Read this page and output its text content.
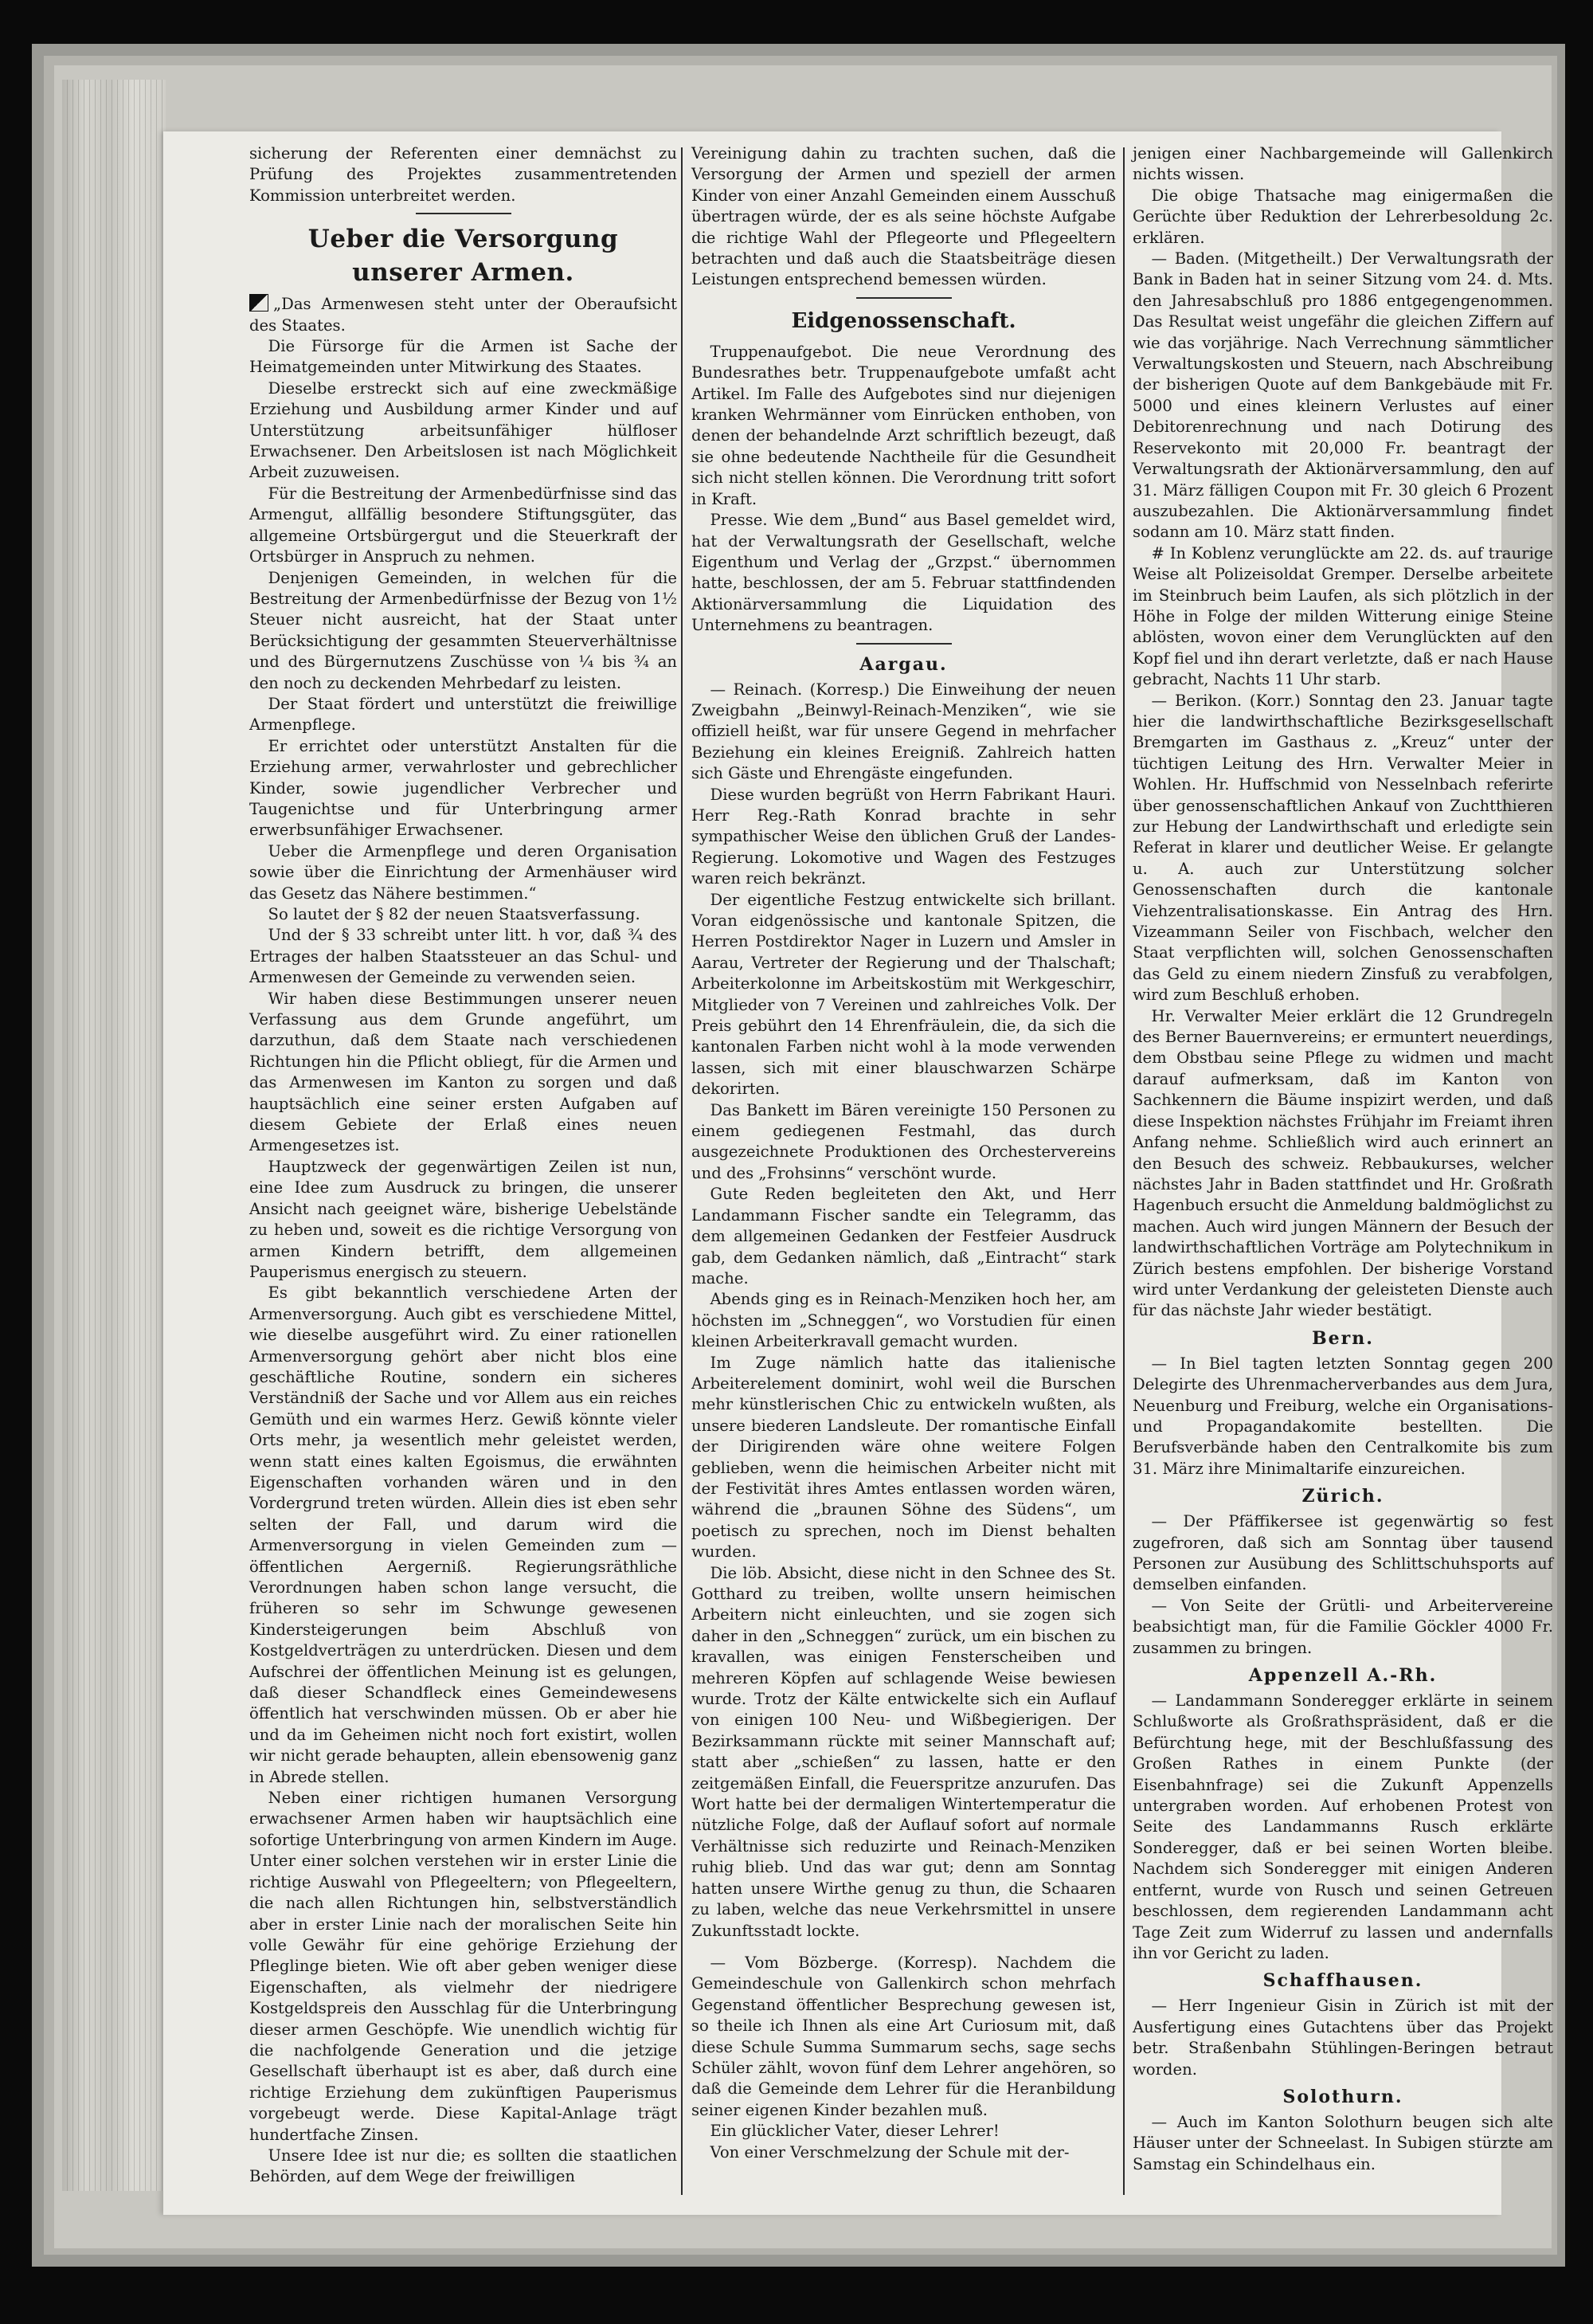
sicherung der Referenten einer demnächst zu Prüfung des Projektes zusammentretenden Kommission unterbreitet werden.

Ueber die Versorgung unserer Armen.

„Das Armenwesen steht unter der Oberaufsicht des Staates.

Die Fürsorge für die Armen ist Sache der Heimatgemeinden unter Mitwirkung des Staates.

Dieselbe erstreckt sich auf eine zweckmäßige Erziehung und Ausbildung armer Kinder und auf Unterstützung arbeitsunfähiger hülfloser Erwachsener. Den Arbeitslosen ist nach Möglichkeit Arbeit zuzuweisen.

Für die Bestreitung der Armenbedürfnisse sind das Armengut, allfällig besondere Stiftungsgüter, das allgemeine Ortsbürgergut und die Steuerkraft der Ortsbürger in Anspruch zu nehmen.

Denjenigen Gemeinden, in welchen für die Bestreitung der Armenbedürfnisse der Bezug von 1½ Steuer nicht ausreicht, hat der Staat unter Berücksichtigung der gesammten Steuerverhältnisse und des Bürgernutzens Zuschüsse von ¼ bis ¾ an den noch zu deckenden Mehrbedarf zu leisten.

Der Staat fördert und unterstützt die freiwillige Armenpflege.

Er errichtet oder unterstützt Anstalten für die Erziehung armer, verwahrloster und gebrechlicher Kinder, sowie jugendlicher Verbrecher und Taugenichtse und für Unterbringung armer erwerbsunfähiger Erwachsener.

Ueber die Armenpflege und deren Organisation sowie über die Einrichtung der Armenhäuser wird das Gesetz das Nähere bestimmen.“

So lautet der § 82 der neuen Staatsverfassung.

Und der § 33 schreibt unter litt. h vor, daß ¾ des Ertrages der halben Staatssteuer an das Schul- und Armenwesen der Gemeinde zu verwenden seien.

Wir haben diese Bestimmungen unserer neuen Verfassung aus dem Grunde angeführt, um darzuthun, daß dem Staate nach verschiedenen Richtungen hin die Pflicht obliegt, für die Armen und das Armenwesen im Kanton zu sorgen und daß hauptsächlich eine seiner ersten Aufgaben auf diesem Gebiete der Erlaß eines neuen Armengesetzes ist.

Hauptzweck der gegenwärtigen Zeilen ist nun, eine Idee zum Ausdruck zu bringen, die unserer Ansicht nach geeignet wäre, bisherige Uebelstände zu heben und, soweit es die richtige Versorgung von armen Kindern betrifft, dem allgemeinen Pauperismus energisch zu steuern.

Es gibt bekanntlich verschiedene Arten der Armenversorgung. Auch gibt es verschiedene Mittel, wie dieselbe ausgeführt wird. Zu einer rationellen Armenversorgung gehört aber nicht blos eine geschäftliche Routine, sondern ein sicheres Verständniß der Sache und vor Allem aus ein reiches Gemüth und ein warmes Herz. Gewiß könnte vieler Orts mehr, ja wesentlich mehr geleistet werden, wenn statt eines kalten Egoismus, die erwähnten Eigenschaften vorhanden wären und in den Vordergrund treten würden. Allein dies ist eben sehr selten der Fall, und darum wird die Armenversorgung in vielen Gemeinden zum — öffentlichen Aergerniß. Regierungsräthliche Verordnungen haben schon lange versucht, die früheren so sehr im Schwunge gewesenen Kindersteigerungen beim Abschluß von Kostgeldverträgen zu unterdrücken. Diesen und dem Aufschrei der öffentlichen Meinung ist es gelungen, daß dieser Schandfleck eines Gemeindewesens öffentlich hat verschwinden müssen. Ob er aber hie und da im Geheimen nicht noch fort existirt, wollen wir nicht gerade behaupten, allein ebensowenig ganz in Abrede stellen.

Neben einer richtigen humanen Versorgung erwachsener Armen haben wir hauptsächlich eine sofortige Unterbringung von armen Kindern im Auge. Unter einer solchen verstehen wir in erster Linie die richtige Auswahl von Pflegeeltern; von Pflegeeltern, die nach allen Richtungen hin, selbstverständlich aber in erster Linie nach der moralischen Seite hin volle Gewähr für eine gehörige Erziehung der Pfleglinge bieten. Wie oft aber geben weniger diese Eigenschaften, als vielmehr der niedrigere Kostgeldspreis den Ausschlag für die Unterbringung dieser armen Geschöpfe. Wie unendlich wichtig für die nachfolgende Generation und die jetzige Gesellschaft überhaupt ist es aber, daß durch eine richtige Erziehung dem zukünftigen Pauperismus vorgebeugt werde. Diese Kapital-Anlage trägt hundertfache Zinsen.

Unsere Idee ist nur die; es sollten die staatlichen Behörden, auf dem Wege der freiwilligen

Vereinigung dahin zu trachten suchen, daß die Versorgung der Armen und speziell der armen Kinder von einer Anzahl Gemeinden einem Ausschuß übertragen würde, der es als seine höchste Aufgabe die richtige Wahl der Pflegeorte und Pflegeeltern betrachten und daß auch die Staatsbeiträge diesen Leistungen entsprechend bemessen würden.

Eidgenossenschaft.

Truppenaufgebot. Die neue Verordnung des Bundesrathes betr. Truppenaufgebote umfaßt acht Artikel. Im Falle des Aufgebotes sind nur diejenigen kranken Wehrmänner vom Einrücken enthoben, von denen der behandelnde Arzt schriftlich bezeugt, daß sie ohne bedeutende Nachtheile für die Gesundheit sich nicht stellen können. Die Verordnung tritt sofort in Kraft.

Presse. Wie dem „Bund“ aus Basel gemeldet wird, hat der Verwaltungsrath der Gesellschaft, welche Eigenthum und Verlag der „Grzpst.“ übernommen hatte, beschlossen, der am 5. Februar stattfindenden Aktionärversammlung die Liquidation des Unternehmens zu beantragen.

Aargau.

— Reinach. (Korresp.) Die Einweihung der neuen Zweigbahn „Beinwyl-Reinach-Menziken“, wie sie offiziell heißt, war für unsere Gegend in mehrfacher Beziehung ein kleines Ereigniß. Zahlreich hatten sich Gäste und Ehrengäste eingefunden.

Diese wurden begrüßt von Herrn Fabrikant Hauri. Herr Reg.-Rath Konrad brachte in sehr sympathischer Weise den üblichen Gruß der Landes-Regierung. Lokomotive und Wagen des Festzuges waren reich bekränzt.

Der eigentliche Festzug entwickelte sich brillant. Voran eidgenössische und kantonale Spitzen, die Herren Postdirektor Nager in Luzern und Amsler in Aarau, Vertreter der Regierung und der Thalschaft; Arbeiterkolonne im Arbeitskostüm mit Werkgeschirr, Mitglieder von 7 Vereinen und zahlreiches Volk. Der Preis gebührt den 14 Ehrenfräulein, die, da sich die kantonalen Farben nicht wohl à la mode verwenden lassen, sich mit einer blauschwarzen Schärpe dekorirten.

Das Bankett im Bären vereinigte 150 Personen zu einem gediegenen Festmahl, das durch ausgezeichnete Produktionen des Orchestervereins und des „Frohsinns“ verschönt wurde.

Gute Reden begleiteten den Akt, und Herr Landammann Fischer sandte ein Telegramm, das dem allgemeinen Gedanken der Festfeier Ausdruck gab, dem Gedanken nämlich, daß „Eintracht“ stark mache.

Abends ging es in Reinach-Menziken hoch her, am höchsten im „Schneggen“, wo Vorstudien für einen kleinen Arbeiterkravall gemacht wurden.

Im Zuge nämlich hatte das italienische Arbeiterelement dominirt, wohl weil die Burschen mehr künstlerischen Chic zu entwickeln wußten, als unsere biederen Landsleute. Der romantische Einfall der Dirigirenden wäre ohne weitere Folgen geblieben, wenn die heimischen Arbeiter nicht mit der Festivität ihres Amtes entlassen worden wären, während die „braunen Söhne des Südens“, um poetisch zu sprechen, noch im Dienst behalten wurden.

Die löb. Absicht, diese nicht in den Schnee des St. Gotthard zu treiben, wollte unsern heimischen Arbeitern nicht einleuchten, und sie zogen sich daher in den „Schneggen“ zurück, um ein bischen zu kravallen, was einigen Fensterscheiben und mehreren Köpfen auf schlagende Weise bewiesen wurde. Trotz der Kälte entwickelte sich ein Auflauf von einigen 100 Neu- und Wißbegierigen. Der Bezirksammann rückte mit seiner Mannschaft auf; statt aber „schießen“ zu lassen, hatte er den zeitgemäßen Einfall, die Feuerspritze anzurufen. Das Wort hatte bei der dermaligen Wintertemperatur die nützliche Folge, daß der Auflauf sofort auf normale Verhältnisse sich reduzirte und Reinach-Menziken ruhig blieb. Und das war gut; denn am Sonntag hatten unsere Wirthe genug zu thun, die Schaaren zu laben, welche das neue Verkehrsmittel in unsere Zukunftsstadt lockte.

— Vom Bözberge. (Korresp). Nachdem die Gemeindeschule von Gallenkirch schon mehrfach Gegenstand öffentlicher Besprechung gewesen ist, so theile ich Ihnen als eine Art Curiosum mit, daß diese Schule Summa Summarum sechs, sage sechs Schüler zählt, wovon fünf dem Lehrer angehören, so daß die Gemeinde dem Lehrer für die Heranbildung seiner eigenen Kinder bezahlen muß.

Ein glücklicher Vater, dieser Lehrer!

Von einer Verschmelzung der Schule mit der-

jenigen einer Nachbargemeinde will Gallenkirch nichts wissen.

Die obige Thatsache mag einigermaßen die Gerüchte über Reduktion der Lehrerbesoldung 2c. erklären.

— Baden. (Mitgetheilt.) Der Verwaltungsrath der Bank in Baden hat in seiner Sitzung vom 24. d. Mts. den Jahresabschluß pro 1886 entgegengenommen. Das Resultat weist ungefähr die gleichen Ziffern auf wie das vorjährige. Nach Verrechnung sämmtlicher Verwaltungskosten und Steuern, nach Abschreibung der bisherigen Quote auf dem Bankgebäude mit Fr. 5000 und eines kleinern Verlustes auf einer Debitorenrechnung und nach Dotirung des Reservekonto mit 20,000 Fr. beantragt der Verwaltungsrath der Aktionärversammlung, den auf 31. März fälligen Coupon mit Fr. 30 gleich 6 Prozent auszubezahlen. Die Aktionärversammlung findet sodann am 10. März statt finden.

# In Koblenz verunglückte am 22. ds. auf traurige Weise alt Polizeisoldat Gremper. Derselbe arbeitete im Steinbruch beim Laufen, als sich plötzlich in der Höhe in Folge der milden Witterung einige Steine ablösten, wovon einer dem Verunglückten auf den Kopf fiel und ihn derart verletzte, daß er nach Hause gebracht, Nachts 11 Uhr starb.

— Berikon. (Korr.) Sonntag den 23. Januar tagte hier die landwirthschaftliche Bezirksgesellschaft Bremgarten im Gasthaus z. „Kreuz“ unter der tüchtigen Leitung des Hrn. Verwalter Meier in Wohlen. Hr. Huffschmid von Nesselnbach referirte über genossenschaftlichen Ankauf von Zuchtthieren zur Hebung der Landwirthschaft und erledigte sein Referat in klarer und deutlicher Weise. Er gelangte u. A. auch zur Unterstützung solcher Genossenschaften durch die kantonale Viehzentralisationskasse. Ein Antrag des Hrn. Vizeammann Seiler von Fischbach, welcher den Staat verpflichten will, solchen Genossenschaften das Geld zu einem niedern Zinsfuß zu verabfolgen, wird zum Beschluß erhoben.

Hr. Verwalter Meier erklärt die 12 Grundregeln des Berner Bauernvereins; er ermuntert neuerdings, dem Obstbau seine Pflege zu widmen und macht darauf aufmerksam, daß im Kanton von Sachkennern die Bäume inspizirt werden, und daß diese Inspektion nächstes Frühjahr im Freiamt ihren Anfang nehme. Schließlich wird auch erinnert an den Besuch des schweiz. Rebbaukurses, welcher nächstes Jahr in Baden stattfindet und Hr. Großrath Hagenbuch ersucht die Anmeldung baldmöglichst zu machen. Auch wird jungen Männern der Besuch der landwirthschaftlichen Vorträge am Polytechnikum in Zürich bestens empfohlen. Der bisherige Vorstand wird unter Verdankung der geleisteten Dienste auch für das nächste Jahr wieder bestätigt.

Bern.

— In Biel tagten letzten Sonntag gegen 200 Delegirte des Uhrenmacherverbandes aus dem Jura, Neuenburg und Freiburg, welche ein Organisations- und Propagandakomite bestellten. Die Berufsverbände haben den Centralkomite bis zum 31. März ihre Minimaltarife einzureichen.

Zürich.

— Der Pfäffikersee ist gegenwärtig so fest zugefroren, daß sich am Sonntag über tausend Personen zur Ausübung des Schlittschuhsports auf demselben einfanden.

— Von Seite der Grütli- und Arbeitervereine beabsichtigt man, für die Familie Göckler 4000 Fr. zusammen zu bringen.

Appenzell A.-Rh.

— Landammann Sonderegger erklärte in seinem Schlußworte als Großrathspräsident, daß er die Befürchtung hege, mit der Beschlußfassung des Großen Rathes in einem Punkte (der Eisenbahnfrage) sei die Zukunft Appenzells untergraben worden. Auf erhobenen Protest von Seite des Landammanns Rusch erklärte Sonderegger, daß er bei seinen Worten bleibe. Nachdem sich Sonderegger mit einigen Anderen entfernt, wurde von Rusch und seinen Getreuen beschlossen, dem regierenden Landammann acht Tage Zeit zum Widerruf zu lassen und andernfalls ihn vor Gericht zu laden.

Schaffhausen.

— Herr Ingenieur Gisin in Zürich ist mit der Ausfertigung eines Gutachtens über das Projekt betr. Straßenbahn Stühlingen-Beringen betraut worden.

Solothurn.

— Auch im Kanton Solothurn beugen sich alte Häuser unter der Schneelast. In Subigen stürzte am Samstag ein Schindelhaus ein.
